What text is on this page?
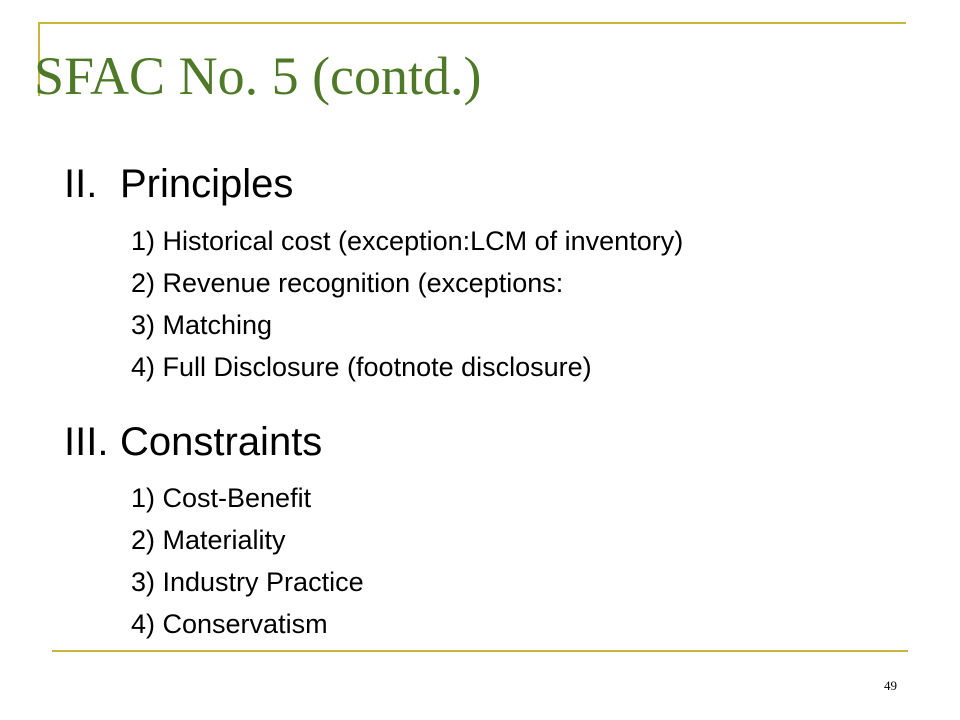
SFAC No. 5 (contd.)
II. Principles
1) Historical cost (exception:LCM of inventory)
2) Revenue recognition (exceptions:
3) Matching
4) Full Disclosure (footnote disclosure)
III. Constraints
1) Cost-Benefit
2) Materiality
3) Industry Practice
4) Conservatism
49
